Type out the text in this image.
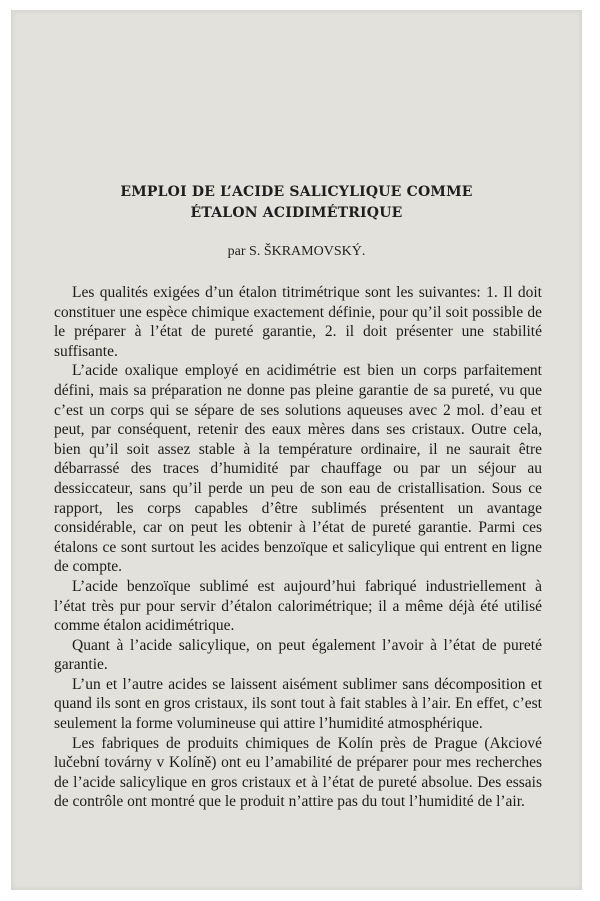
EMPLOI DE L’ACIDE SALICYLIQUE COMME
ÉTALON ACIDIMÉTRIQUE
par S. ŠKRAMOVSKÝ.

Les qualités exigées d’un étalon titrimétrique sont les suivantes: 1. Il doit constituer une espèce chimique exactement définie, pour qu’il soit possible de le préparer à l’état de pureté garantie, 2. il doit présenter une stabilité suffisante.

L’acide oxalique employé en acidimétrie est bien un corps parfaitement défini, mais sa préparation ne donne pas pleine garantie de sa pureté, vu que c’est un corps qui se sépare de ses solutions aqueuses avec 2 mol. d’eau et peut, par conséquent, retenir des eaux mères dans ses cristaux. Outre cela, bien qu’il soit assez stable à la température ordinaire, il ne saurait être débarrassé des traces d’humidité par chauffage ou par un séjour au dessiccateur, sans qu’il perde un peu de son eau de cristallisation. Sous ce rapport, les corps capables d’être sublimés présentent un avantage considérable, car on peut les obtenir à l’état de pureté garantie. Parmi ces étalons ce sont surtout les acides benzoïque et salicylique qui entrent en ligne de compte.

L’acide benzoïque sublimé est aujourd’hui fabriqué industriellement à l’état très pur pour servir d’étalon calorimétrique; il a même déjà été utilisé comme étalon acidimétrique.

Quant à l’acide salicylique, on peut également l’avoir à l’état de pureté garantie.

L’un et l’autre acides se laissent aisément sublimer sans décomposition et quand ils sont en gros cristaux, ils sont tout à fait stables à l’air. En effet, c’est seulement la forme volumineuse qui attire l’humidité atmosphérique.

Les fabriques de produits chimiques de Kolín près de Prague (Akciové lučební továrny v Kolíně) ont eu l’amabilité de préparer pour mes recherches de l’acide salicylique en gros cristaux et à l’état de pureté absolue. Des essais de contrôle ont montré que le produit n’attire pas du tout l’humidité de l’air.
